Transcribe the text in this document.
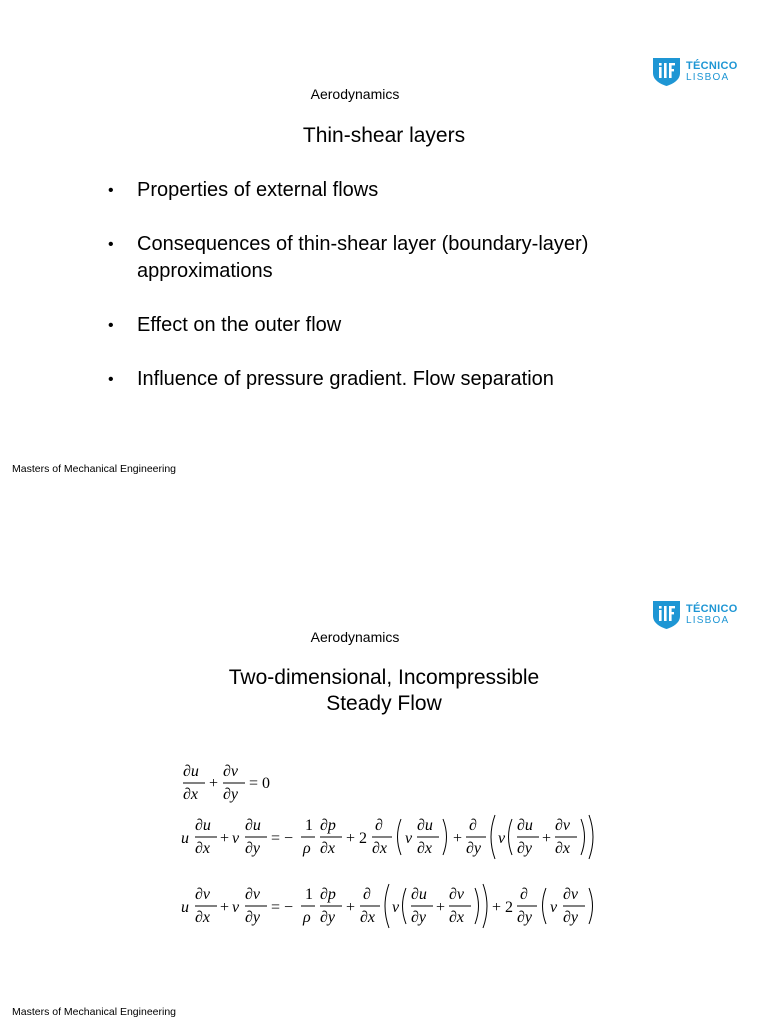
TÉCNICO
LISBOA
Aerodynamics
Thin-shear layers
• Properties of external flows
• Consequences of thin-shear layer (boundary-layer) approximations
• Effect on the outer flow
• Influence of pressure gradient. Flow separation
Masters of Mechanical Engineering
TÉCNICO
LISBOA
Aerodynamics
Two-dimensional, Incompressible
Steady Flow
∂u
∂x
+
∂v
∂y
= 0
u
∂u
∂x
+ v
∂u
∂y
= −
1
ρ
∂p
∂x
+ 2
∂
∂x
ν
∂u
∂x
+
∂
∂y
ν
∂u
∂y
+
∂v
∂x
u
∂v
∂x
+ v
∂v
∂y
= −
1
ρ
∂p
∂y
+
∂
∂x
ν
∂u
∂y
+
∂v
∂x
+ 2
∂
∂y
ν
∂v
∂y
Masters of Mechanical Engineering
